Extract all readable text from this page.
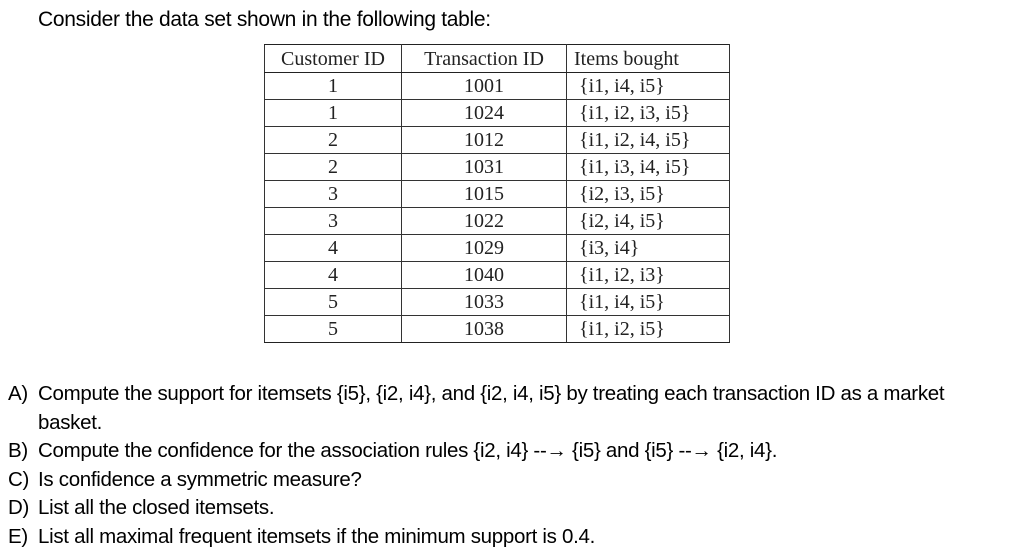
Consider the data set shown in the following table:
Customer ID	Transaction ID	Items bought
1	1001	{i1, i4, i5}
1	1024	{i1, i2, i3, i5}
2	1012	{i1, i2, i4, i5}
2	1031	{i1, i3, i4, i5}
3	1015	{i2, i3, i5}
3	1022	{i2, i4, i5}
4	1029	{i3, i4}
4	1040	{i1, i2, i3}
5	1033	{i1, i4, i5}
5	1038	{i1, i2, i5}
A) Compute the support for itemsets {i5}, {i2, i4}, and {i2, i4, i5} by treating each transaction ID as a market basket.
B) Compute the confidence for the association rules {i2, i4} --→ {i5} and {i5} --→ {i2, i4}.
C) Is confidence a symmetric measure?
D) List all the closed itemsets.
E) List all maximal frequent itemsets if the minimum support is 0.4.
